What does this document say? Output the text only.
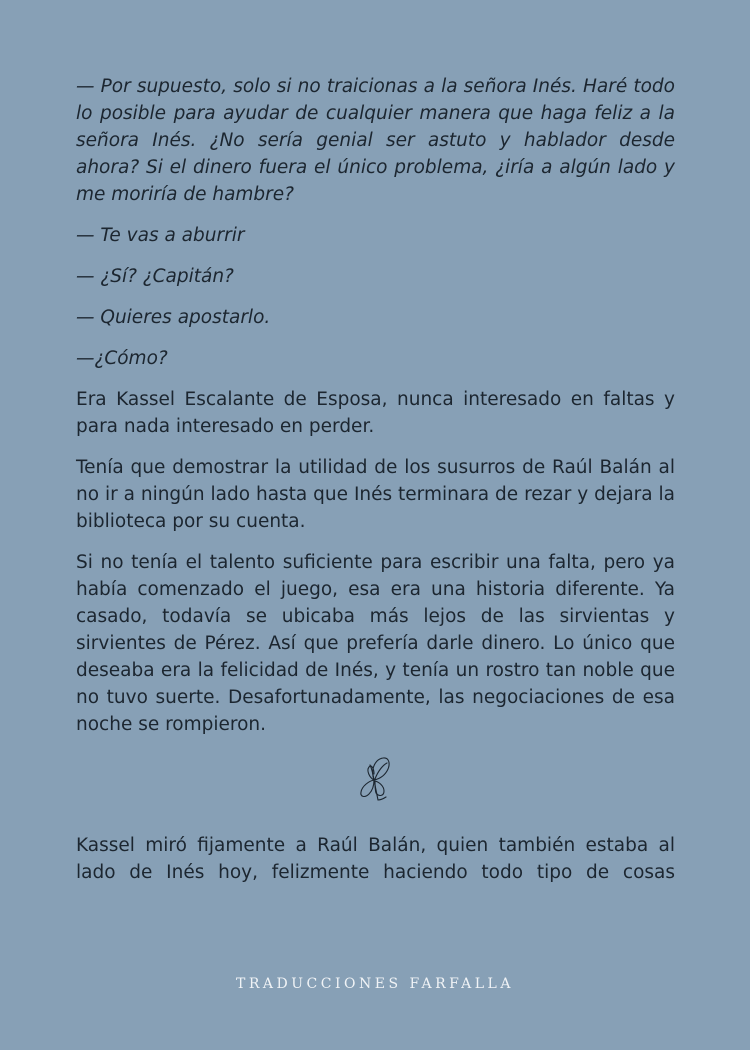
— Por supuesto, solo si no traicionas a la señora Inés. Haré todo lo posible para ayudar de cualquier manera que haga feliz a la señora Inés. ¿No sería genial ser astuto y hablador desde ahora? Si el dinero fuera el único problema, ¿iría a algún lado y me moriría de hambre?

— Te vas a aburrir

— ¿Sí? ¿Capitán?

— Quieres apostarlo.

—¿Cómo?

Era Kassel Escalante de Esposa, nunca interesado en faltas y para nada interesado en perder.

Tenía que demostrar la utilidad de los susurros de Raúl Balán al no ir a ningún lado hasta que Inés terminara de rezar y dejara la biblioteca por su cuenta.

Si no tenía el talento suficiente para escribir una falta, pero ya había comenzado el juego, esa era una historia diferente. Ya casado, todavía se ubicaba más lejos de las sirvientas y sirvientes de Pérez. Así que prefería darle dinero. Lo único que deseaba era la felicidad de Inés, y tenía un rostro tan noble que no tuvo suerte. Desafortunadamente, las negociaciones de esa noche se rompieron.

Kassel miró fijamente a Raúl Balán, quien también estaba al lado de Inés hoy, felizmente haciendo todo tipo de cosas

TRADUCCIONES FARFALLA
